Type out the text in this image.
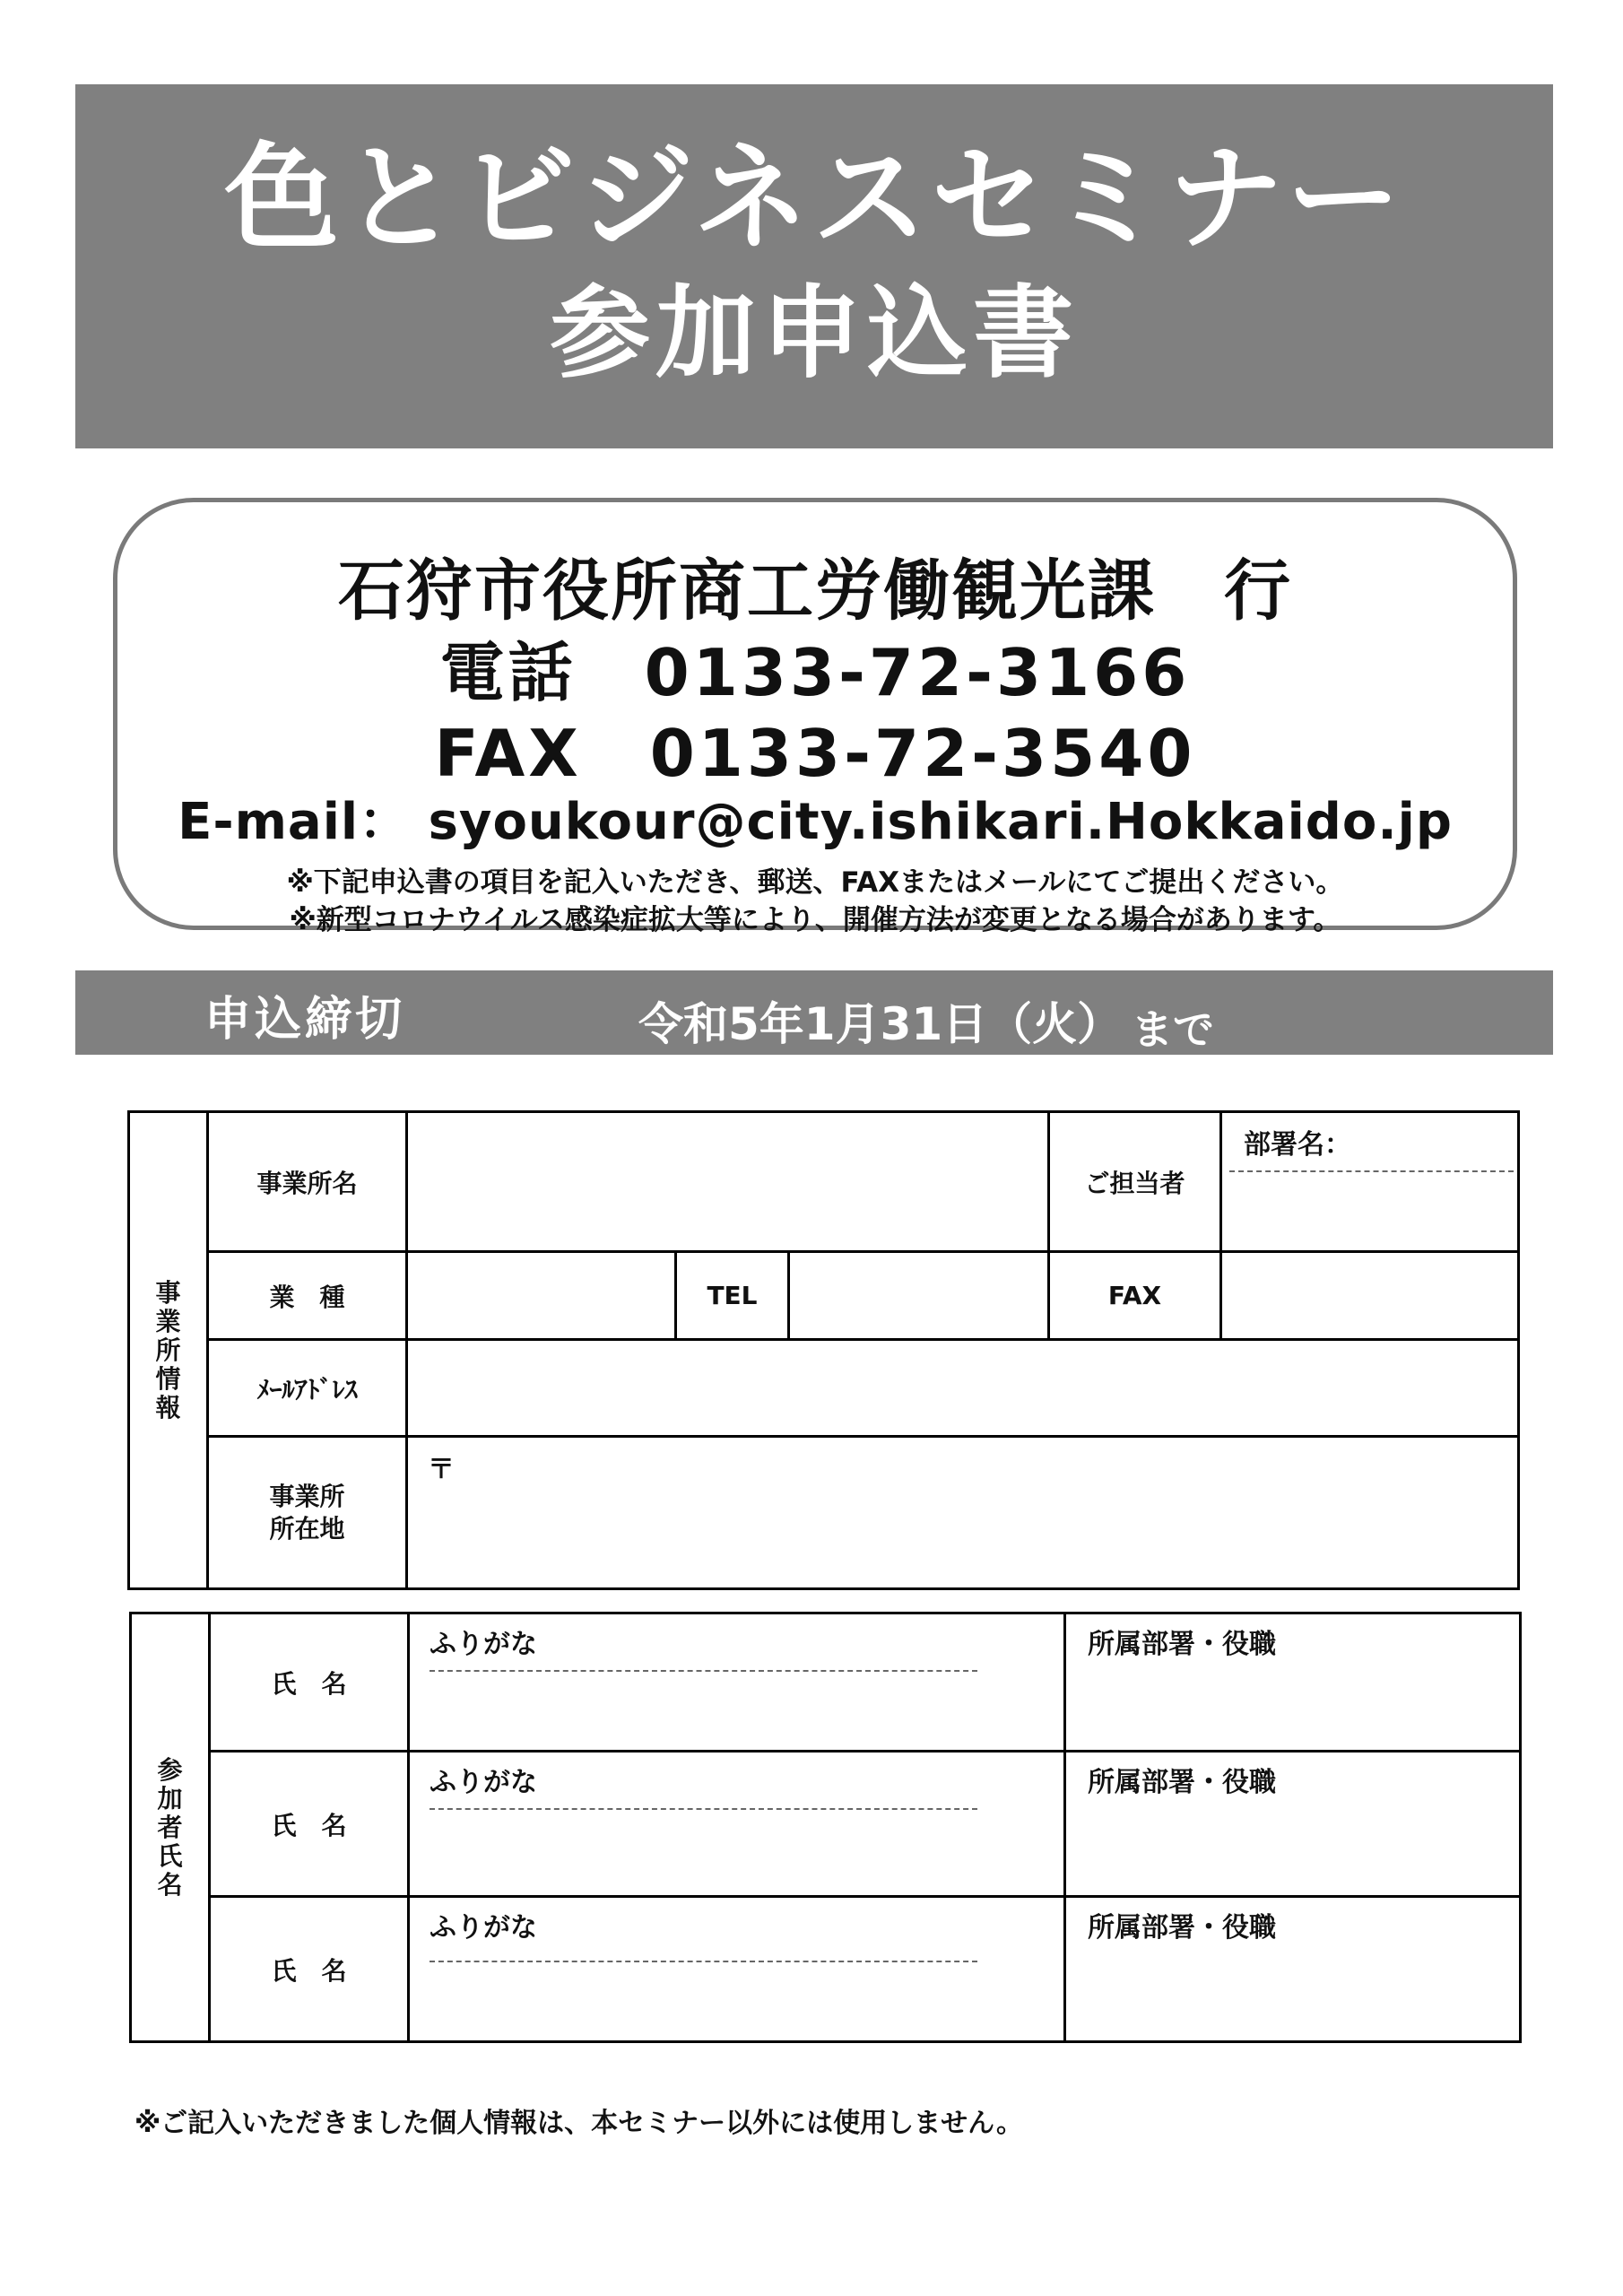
色とビジネスセミナー
参加申込書
石狩市役所商工労働観光課　行
電話　0133-72-3166
FAX　0133-72-3540
E-mail： syoukour@city.ishikari.Hokkaido.jp
※下記申込書の項目を記入いただき、郵送、FAXまたはメールにてご提出ください。
※新型コロナウイルス感染症拡大等により、開催方法が変更となる場合があります。
申込締切	令和5年1月31日（火） まで
事
業
所
情
報	事業所名				ご担当者	部署名：

	業　種		TEL		FAX	
	ﾒｰﾙｱﾄﾞﾚｽ					

	事業所
所在地	〒				
参
加
者
氏
名	氏　名	ふりがな	所属部署・役職

	氏　名	ふりがな	所属部署・役職

	氏　名	ふりがな	所属部署・役職
※ご記入いただきました個人情報は、本セミナー以外には使用しません。
